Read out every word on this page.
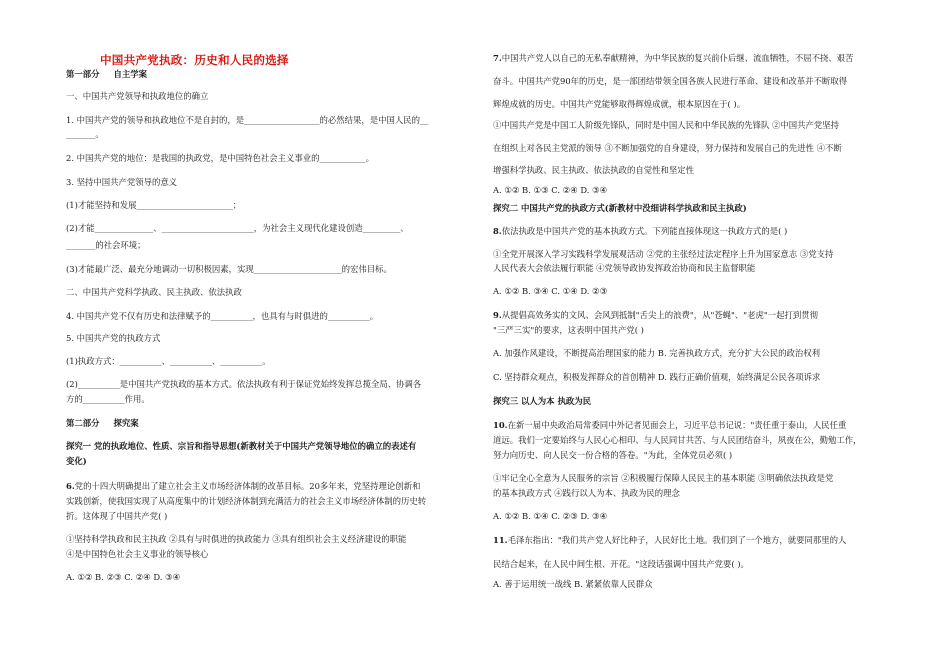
中国共产党执政：历史和人民的选择
第一部分 自主学案
一、中国共产党领导和执政地位的确立
1. 中国共产党的领导和执政地位不是自封的，是__________________的必然结果，是中国人民的__
_______。
2. 中国共产党的地位：是我国的执政党，是中国特色社会主义事业的___________。
3. 坚持中国共产党领导的意义
(1)才能坚持和发展_______________________；
(2)才能______________、______________________，为社会主义现代化建设创造_________、
_______的社会环境；
(3)才能最广泛、最充分地调动一切积极因素，实现_____________________的宏伟目标。
二、中国共产党科学执政、民主执政、依法执政
4. 中国共产党不仅有历史和法律赋予的__________，也具有与时俱进的__________。
5. 中国共产党的执政方式
(1)执政方式：__________、__________、__________。
(2)__________是中国共产党执政的基本方式。依法执政有利于保证党始终发挥总揽全局、协调各
方的__________作用。
第二部分 探究案
探究一 党的执政地位、性质、宗旨和指导思想(新教材关于中国共产党领导地位的确立的表述有
变化)
6.党的十四大明确提出了建立社会主义市场经济体制的改革目标。20多年来，党坚持理论创新和
实践创新，使我国实现了从高度集中的计划经济体制到充满活力的社会主义市场经济体制的历史转
折。这体现了中国共产党( )
①坚持科学执政和民主执政 ②具有与时俱进的执政能力 ③具有组织社会主义经济建设的职能
④是中国特色社会主义事业的领导核心
A. ①② B. ②③ C. ②④ D. ③④
7.中国共产党人以自己的无私奉献精神，为中华民族的复兴前仆后继、流血牺牲，不屈不挠、艰苦
奋斗。中国共产党90年的历史，是一部团结带领全国各族人民进行革命、建设和改革并不断取得
辉煌成就的历史。中国共产党能够取得辉煌成就，根本原因在于( )。
①中国共产党是中国工人阶级先锋队，同时是中国人民和中华民族的先锋队 ②中国共产党坚持
在组织上对各民主党派的领导 ③不断加强党的自身建设，努力保持和发展自己的先进性 ④不断
增强科学执政、民主执政、依法执政的自觉性和坚定性
A. ①② B. ①③ C. ②④ D. ③④
探究二 中国共产党的执政方式(新教材中没细讲科学执政和民主执政)
8.依法执政是中国共产党的基本执政方式。下列能直接体现这一执政方式的是( )
①全党开展深入学习实践科学发展观活动 ②党的主张经过法定程序上升为国家意志 ③党支持
人民代表大会依法履行职能 ④党领导政协发挥政治协商和民主监督职能
A. ①② B. ③④ C. ①④ D. ②③
9.从提倡高效务实的文风、会风到抵制"舌尖上的浪费"，从"苍蝇"、"老虎"一起打到贯彻
"三严三实"的要求，这表明中国共产党( )
A. 加强作风建设，不断提高治理国家的能力 B. 完善执政方式，充分扩大公民的政治权利
C. 坚持群众观点，积极发挥群众的首创精神 D. 践行正确价值观，始终满足公民各项诉求
探究三 以人为本 执政为民
10.在新一届中央政治局常委同中外记者见面会上，习近平总书记说："责任重于泰山，人民任重
道远。我们一定要始终与人民心心相印、与人民同甘共苦、与人民团结奋斗，夙夜在公，勤勉工作，
努力向历史、向人民交一份合格的答卷。"为此，全体党员必须( )
①牢记全心全意为人民服务的宗旨 ②积极履行保障人民民主的基本职能 ③明确依法执政是党
的基本执政方式 ④践行以人为本、执政为民的理念
A. ①② B. ①④ C. ②③ D. ③④
11.毛泽东指出："我们共产党人好比种子，人民好比土地。我们到了一个地方，就要同那里的人
民结合起来，在人民中间生根、开花。"这段话强调中国共产党要( )。
A. 善于运用统一战线 B. 紧紧依靠人民群众
